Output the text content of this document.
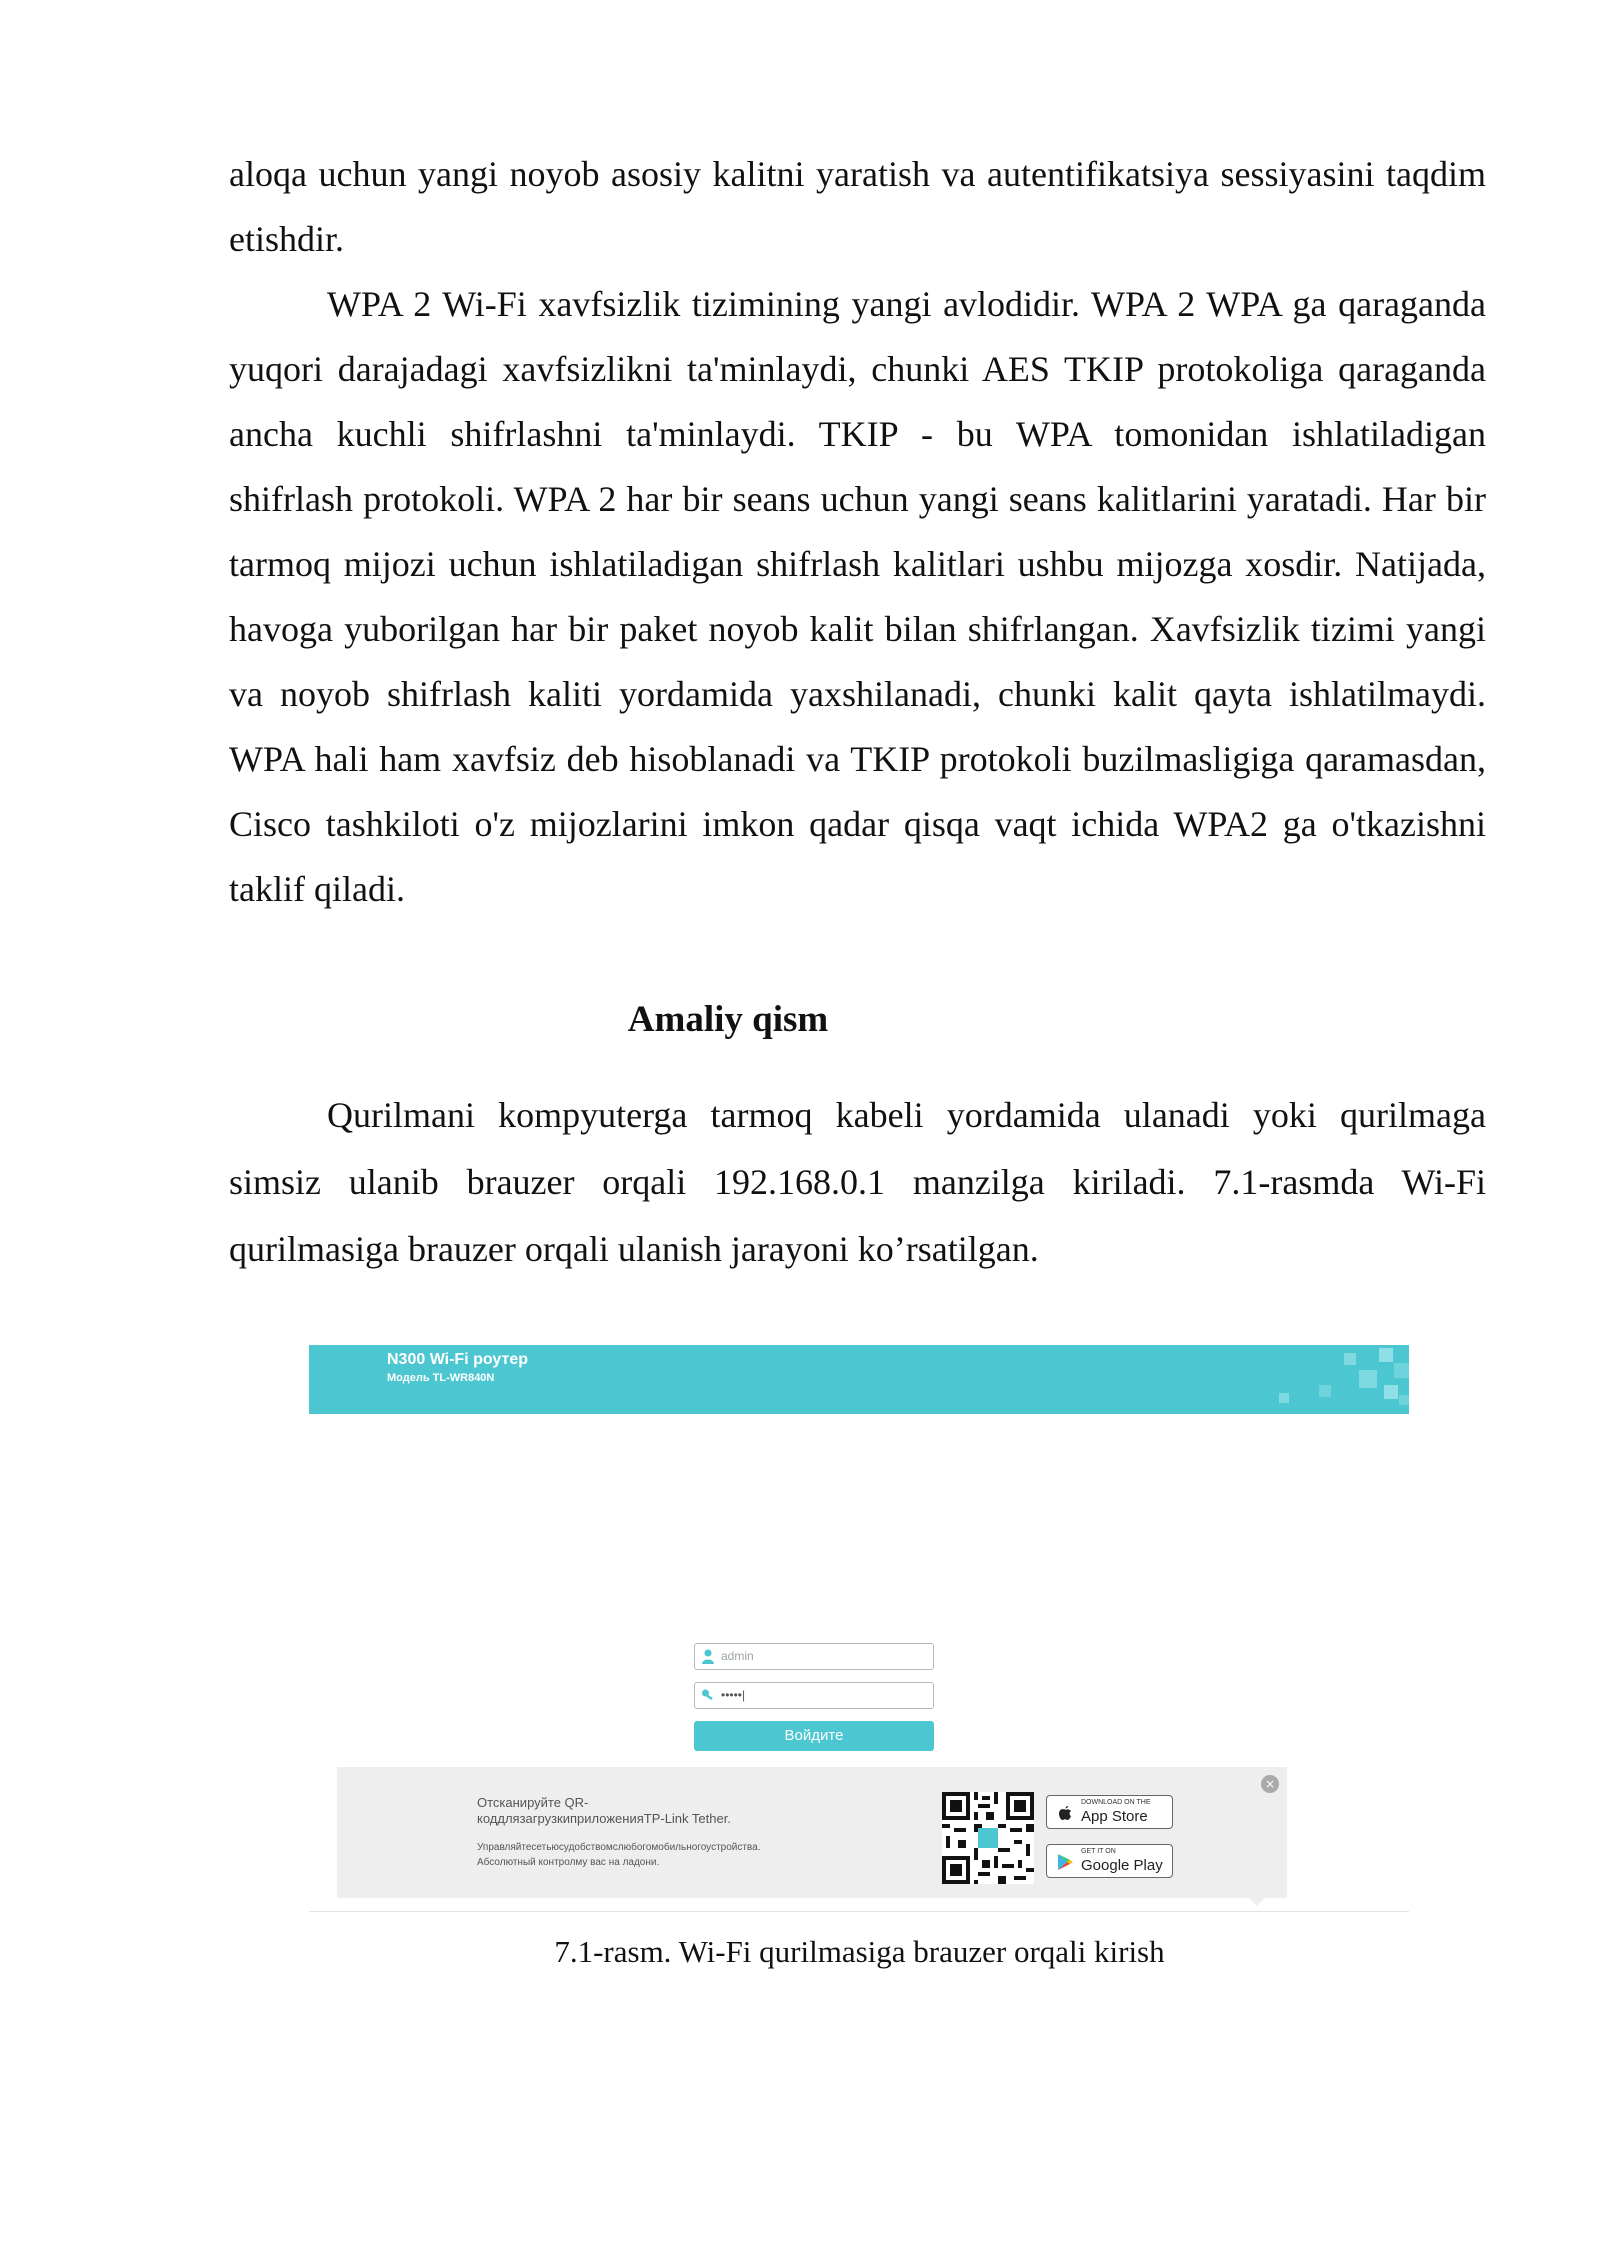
aloqa uchun yangi noyob asosiy kalitni yaratish va autentifikatsiya sessiyasini taqdim etishdir.

WPA 2 Wi-Fi xavfsizlik tizimining yangi avlodidir. WPA 2 WPA ga qaraganda yuqori darajadagi xavfsizlikni ta'minlaydi, chunki AES TKIP protokoliga qaraganda ancha kuchli shifrlashni ta'minlaydi. TKIP - bu WPA tomonidan ishlatiladigan shifrlash protokoli. WPA 2 har bir seans uchun yangi seans kalitlarini yaratadi. Har bir tarmoq mijozi uchun ishlatiladigan shifrlash kalitlari ushbu mijozga xosdir. Natijada, havoga yuborilgan har bir paket noyob kalit bilan shifrlangan. Xavfsizlik tizimi yangi va noyob shifrlash kaliti yordamida yaxshilanadi, chunki kalit qayta ishlatilmaydi. WPA hali ham xavfsiz deb hisoblanadi va TKIP protokoli buzilmasligiga qaramasdan, Cisco tashkiloti o'z mijozlarini imkon qadar qisqa vaqt ichida WPA2 ga o'tkazishni taklif qiladi.

Amaliy qism

Qurilmani kompyuterga tarmoq kabeli yordamida ulanadi yoki qurilmaga simsiz ulanib brauzer orqali 192.168.0.1 manzilga kiriladi. 7.1-rasmda Wi-Fi qurilmasiga brauzer orqali ulanish jarayoni ko’rsatilgan.

N300 Wi-Fi роутер
Модель TL-WR840N
admin
•••••|
Войдите
Отсканируйте QR-
коддлязагрузкиприложенияTP-Link Tether.
Управляйтесетьюсудобствомслюбогомобильногоустройства.
Абсолютный контролму вас на ладони.
DOWNLOAD ON THE
App Store
GET IT ON
Google Play
×

7.1-rasm. Wi-Fi qurilmasiga brauzer orqali kirish
